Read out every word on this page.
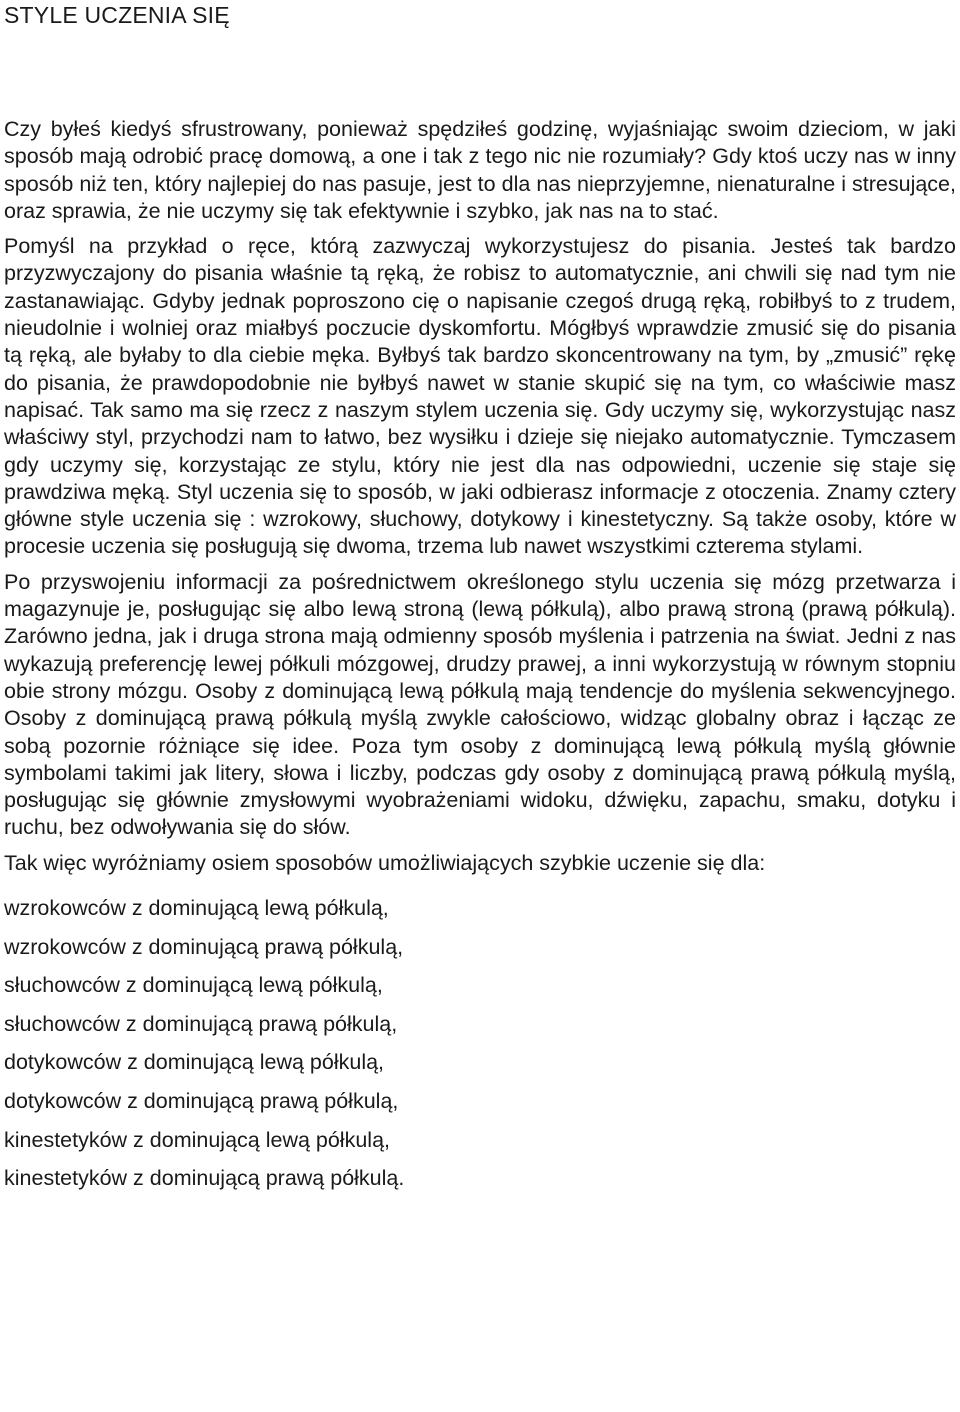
STYLE UCZENIA SIĘ

Czy byłeś kiedyś sfrustrowany, ponieważ spędziłeś godzinę, wyjaśniając swoim dzieciom, w jaki sposób mają odrobić pracę domową, a one i tak z tego nic nie rozumiały? Gdy ktoś uczy nas w inny sposób niż ten, który najlepiej do nas pasuje, jest to dla nas nieprzyjemne, nienaturalne i stresujące, oraz sprawia, że nie uczymy się tak efektywnie i szybko, jak nas na to stać.

Pomyśl na przykład o ręce, którą zazwyczaj wykorzystujesz do pisania. Jesteś tak bardzo przyzwyczajony do pisania właśnie tą ręką, że robisz to automatycznie, ani chwili się nad tym nie zastanawiając. Gdyby jednak poproszono cię o napisanie czegoś drugą ręką, robiłbyś to z trudem, nieudolnie i wolniej oraz miałbyś poczucie dyskomfortu. Mógłbyś wprawdzie zmusić się do pisania tą ręką, ale byłaby to dla ciebie męka. Byłbyś tak bardzo skoncentrowany na tym, by „zmusić” rękę do pisania, że prawdopodobnie nie byłbyś nawet w stanie skupić się na tym, co właściwie masz napisać. Tak samo ma się rzecz z naszym stylem uczenia się. Gdy uczymy się, wykorzystując nasz właściwy styl, przychodzi nam to łatwo, bez wysiłku i dzieje się niejako automatycznie. Tymczasem gdy uczymy się, korzystając ze stylu, który nie jest dla nas odpowiedni, uczenie się staje się prawdziwa męką. Styl uczenia się to sposób, w jaki odbierasz informacje z otoczenia. Znamy cztery główne style uczenia się : wzrokowy, słuchowy, dotykowy i kinestetyczny. Są także osoby, które w procesie uczenia się posługują się dwoma, trzema lub nawet wszystkimi czterema stylami.

Po przyswojeniu informacji za pośrednictwem określonego stylu uczenia się mózg przetwarza i magazynuje je, posługując się albo lewą stroną (lewą półkulą), albo prawą stroną (prawą półkulą). Zarówno jedna, jak i druga strona mają odmienny sposób myślenia i patrzenia na świat. Jedni z nas wykazują preferencję lewej półkuli mózgowej, drudzy prawej, a inni wykorzystują w równym stopniu obie strony mózgu. Osoby z dominującą lewą półkulą mają tendencje do myślenia sekwencyjnego. Osoby z dominującą prawą półkulą myślą zwykle całościowo, widząc globalny obraz i łącząc ze sobą pozornie różniące się idee. Poza tym osoby z dominującą lewą półkulą myślą głównie symbolami takimi jak litery, słowa i liczby, podczas gdy osoby z dominującą prawą półkulą myślą, posługując się głównie zmysłowymi wyobrażeniami widoku, dźwięku, zapachu, smaku, dotyku i ruchu, bez odwoływania się do słów.

Tak więc wyróżniamy osiem sposobów umożliwiających szybkie uczenie się dla:

wzrokowców z dominującą lewą półkulą,
wzrokowców z dominującą prawą półkulą,
słuchowców z dominującą lewą półkulą,
słuchowców z dominującą prawą półkulą,
dotykowców z dominującą lewą półkulą,
dotykowców z dominującą prawą półkulą,
kinestetyków z dominującą lewą półkulą,
kinestetyków z dominującą prawą półkulą.
